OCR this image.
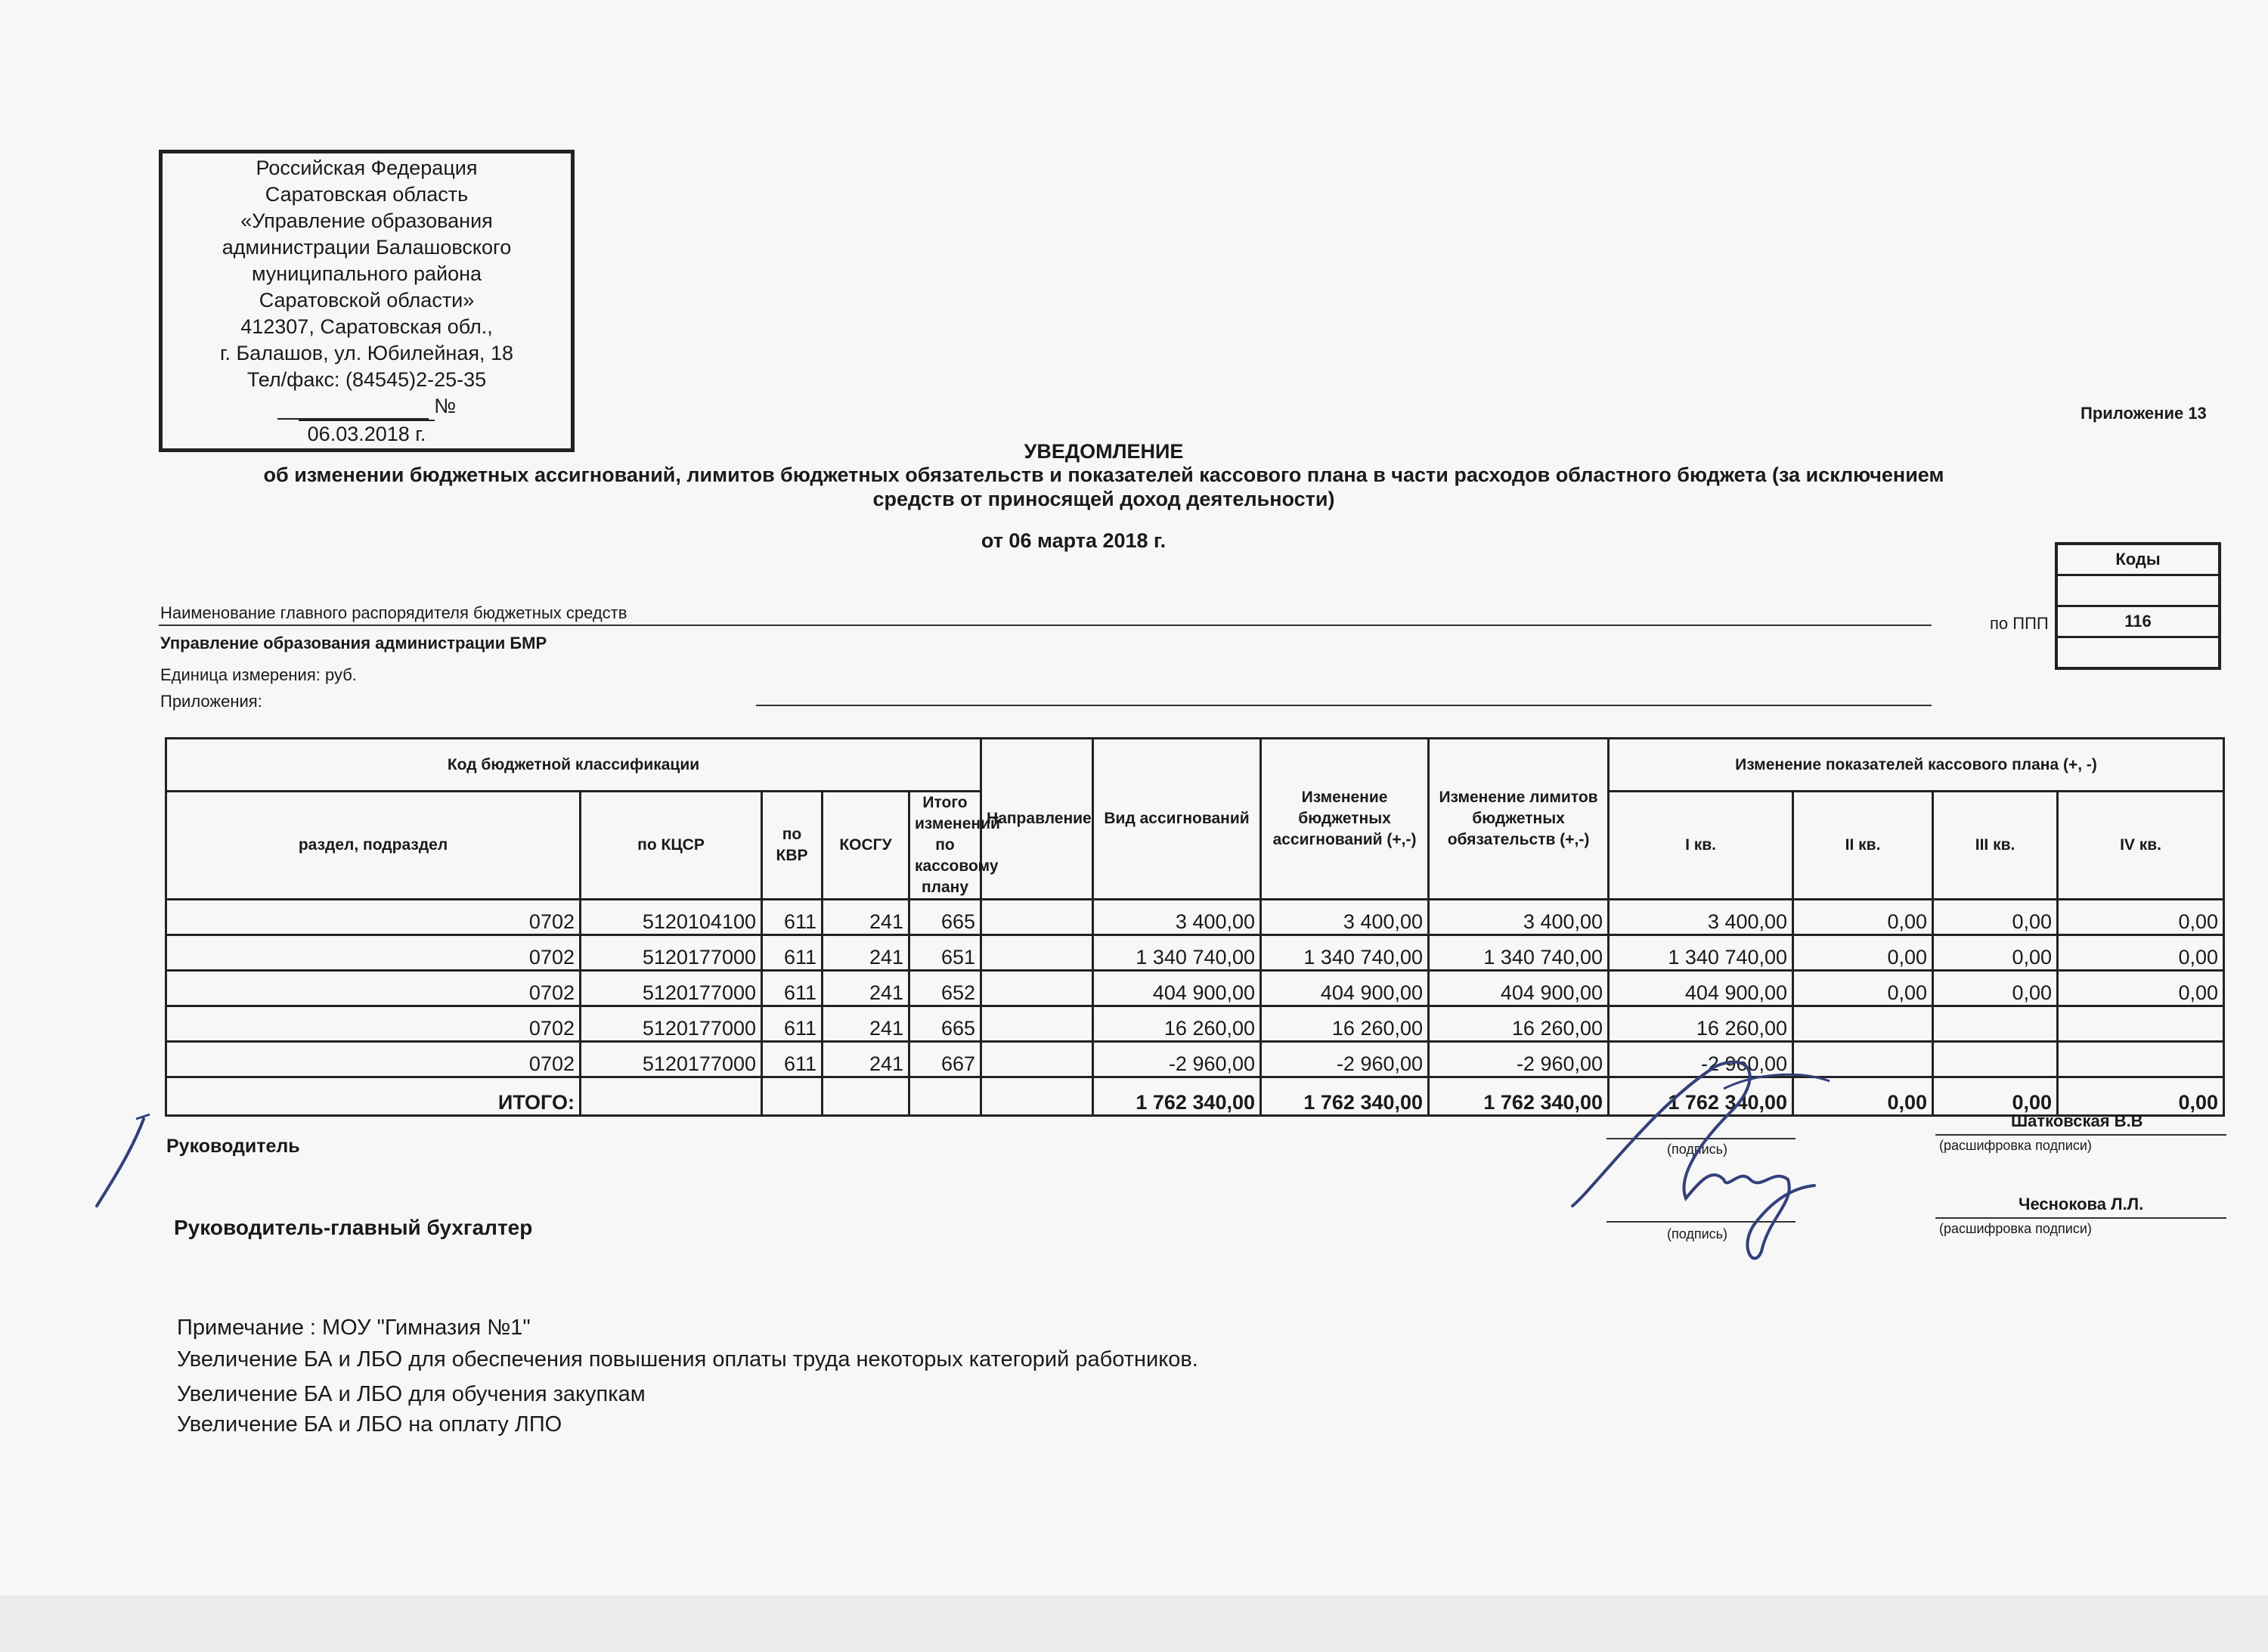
Российская Федерация
Саратовская область
«Управление образования
администрации Балашовского
муниципального района
Саратовской области»
412307, Саратовская обл.,
г. Балашов, ул. Юбилейная, 18
Тел/факс: (84545)2-25-35
№
06.03.2018 г.
Приложение 13
УВЕДОМЛЕНИЕ
об изменении бюджетных ассигнований, лимитов бюджетных обязательств и показателей кассового плана в части расходов областного бюджета (за исключением
средств от приносящей доход деятельности)
от 06 марта 2018 г.
Коды

116

по ППП
Наименование главного распорядителя бюджетных средств
Управление образования администрации БМР
Единица измерения: руб.
Приложения:
Код бюджетной классификации					Направление	Вид ассигнований	Изменение бюджетных ассигнований (+,-)	Изменение лимитов бюджетных обязательств (+,-)	Изменение показателей кассового плана (+, -)			
раздел, подраздел	по КЦСР	по КВР	КОСГУ	Итого изменений по кассовому плану					I кв.	II кв.	III кв.	IV кв.
0702	5120104100	611	241	665		3 400,00	3 400,00	3 400,00	3 400,00	0,00	0,00	0,00
0702	5120177000	611	241	651		1 340 740,00	1 340 740,00	1 340 740,00	1 340 740,00	0,00	0,00	0,00
0702	5120177000	611	241	652		404 900,00	404 900,00	404 900,00	404 900,00	0,00	0,00	0,00
0702	5120177000	611	241	665		16 260,00	16 260,00	16 260,00	16 260,00			
0702	5120177000	611	241	667		-2 960,00	-2 960,00	-2 960,00	-2 960,00			
ИТОГО:						1 762 340,00	1 762 340,00	1 762 340,00	1 762 340,00	0,00	0,00	0,00
Руководитель	(подпись)
Шатковская В.В
(расшифровка подписи)
Руководитель-главный бухгалтер	(подпись)
Чеснокова Л.Л.
(расшифровка подписи)
Примечание : МОУ "Гимназия №1"
Увеличение БА и ЛБО для обеспечения повышения оплаты труда некоторых категорий работников.
Увеличение БА и ЛБО для обучения закупкам
Увеличение БА и ЛБО на оплату ЛПО
